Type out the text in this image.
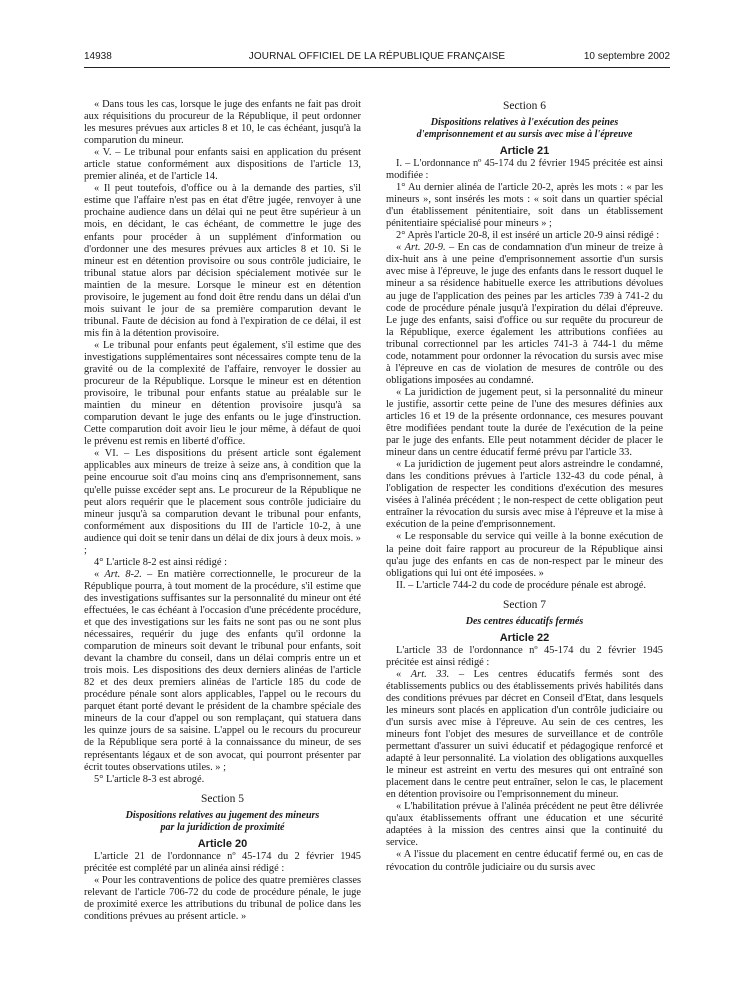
14938	JOURNAL OFFICIEL DE LA RÉPUBLIQUE FRANÇAISE	10 septembre 2002

« Dans tous les cas, lorsque le juge des enfants ne fait pas droit aux réquisitions du procureur de la République, il peut ordonner les mesures prévues aux articles 8 et 10, le cas échéant, jusqu'à la comparution du mineur.

« V. – Le tribunal pour enfants saisi en application du présent article statue conformément aux dispositions de l'article 13, premier alinéa, et de l'article 14.

« Il peut toutefois, d'office ou à la demande des parties, s'il estime que l'affaire n'est pas en état d'être jugée, renvoyer à une prochaine audience dans un délai qui ne peut être supérieur à un mois, en décidant, le cas échéant, de commettre le juge des enfants pour procéder à un supplément d'information ou d'ordonner une des mesures prévues aux articles 8 et 10. Si le mineur est en détention provisoire ou sous contrôle judiciaire, le tribunal statue alors par décision spécialement motivée sur le maintien de la mesure. Lorsque le mineur est en détention provisoire, le jugement au fond doit être rendu dans un délai d'un mois suivant le jour de sa première comparution devant le tribunal. Faute de décision au fond à l'expiration de ce délai, il est mis fin à la détention provisoire.

« Le tribunal pour enfants peut également, s'il estime que des investigations supplémentaires sont nécessaires compte tenu de la gravité ou de la complexité de l'affaire, renvoyer le dossier au procureur de la République. Lorsque le mineur est en détention provisoire, le tribunal pour enfants statue au préalable sur le maintien du mineur en détention provisoire jusqu'à sa comparution devant le juge des enfants ou le juge d'instruction. Cette comparution doit avoir lieu le jour même, à défaut de quoi le prévenu est remis en liberté d'office.

« VI. – Les dispositions du présent article sont également applicables aux mineurs de treize à seize ans, à condition que la peine encourue soit d'au moins cinq ans d'emprisonnement, sans qu'elle puisse excéder sept ans. Le procureur de la République ne peut alors requérir que le placement sous contrôle judiciaire du mineur jusqu'à sa comparution devant le tribunal pour enfants, conformément aux dispositions du III de l'article 10-2, à une audience qui doit se tenir dans un délai de dix jours à deux mois. » ;

4° L'article 8-2 est ainsi rédigé :

« Art. 8-2. – En matière correctionnelle, le procureur de la République pourra, à tout moment de la procédure, s'il estime que des investigations suffisantes sur la personnalité du mineur ont été effectuées, le cas échéant à l'occasion d'une précédente procédure, et que des investigations sur les faits ne sont pas ou ne sont plus nécessaires, requérir du juge des enfants qu'il ordonne la comparution de mineurs soit devant le tribunal pour enfants, soit devant la chambre du conseil, dans un délai compris entre un et trois mois. Les dispositions des deux derniers alinéas de l'article 82 et des deux premiers alinéas de l'article 185 du code de procédure pénale sont alors applicables, l'appel ou le recours du parquet étant porté devant le président de la chambre spéciale des mineurs de la cour d'appel ou son remplaçant, qui statuera dans les quinze jours de sa saisine. L'appel ou le recours du procureur de la République sera porté à la connaissance du mineur, de ses représentants légaux et de son avocat, qui pourront présenter par écrit toutes observations utiles. » ;

5° L'article 8-3 est abrogé.

Section 5
Dispositions relatives au jugement des mineurs
par la juridiction de proximité
Article 20

L'article 21 de l'ordonnance nº 45-174 du 2 février 1945 précitée est complété par un alinéa ainsi rédigé :

« Pour les contraventions de police des quatre premières classes relevant de l'article 706-72 du code de procédure pénale, le juge de proximité exerce les attributions du tribunal de police dans les conditions prévues au présent article. »

Section 6
Dispositions relatives à l'exécution des peines
d'emprisonnement et au sursis avec mise à l'épreuve
Article 21

I. – L'ordonnance nº 45-174 du 2 février 1945 précitée est ainsi modifiée :

1° Au dernier alinéa de l'article 20-2, après les mots : « par les mineurs », sont insérés les mots : « soit dans un quartier spécial d'un établissement pénitentiaire, soit dans un établissement pénitentiaire spécialisé pour mineurs » ;

2° Après l'article 20-8, il est inséré un article 20-9 ainsi rédigé :

« Art. 20-9. – En cas de condamnation d'un mineur de treize à dix-huit ans à une peine d'emprisonnement assortie d'un sursis avec mise à l'épreuve, le juge des enfants dans le ressort duquel le mineur a sa résidence habituelle exerce les attributions dévolues au juge de l'application des peines par les articles 739 à 741-2 du code de procédure pénale jusqu'à l'expiration du délai d'épreuve. Le juge des enfants, saisi d'office ou sur requête du procureur de la République, exerce également les attributions confiées au tribunal correctionnel par les articles 741-3 à 744-1 du même code, notamment pour ordonner la révocation du sursis avec mise à l'épreuve en cas de violation de mesures de contrôle ou des obligations imposées au condamné.

« La juridiction de jugement peut, si la personnalité du mineur le justifie, assortir cette peine de l'une des mesures définies aux articles 16 et 19 de la présente ordonnance, ces mesures pouvant être modifiées pendant toute la durée de l'exécution de la peine par le juge des enfants. Elle peut notamment décider de placer le mineur dans un centre éducatif fermé prévu par l'article 33.

« La juridiction de jugement peut alors astreindre le condamné, dans les conditions prévues à l'article 132-43 du code pénal, à l'obligation de respecter les conditions d'exécution des mesures visées à l'alinéa précédent ; le non-respect de cette obligation peut entraîner la révocation du sursis avec mise à l'épreuve et la mise à exécution de la peine d'emprisonnement.

« Le responsable du service qui veille à la bonne exécution de la peine doit faire rapport au procureur de la République ainsi qu'au juge des enfants en cas de non-respect par le mineur des obligations qui lui ont été imposées. »

II. – L'article 744-2 du code de procédure pénale est abrogé.

Section 7
Des centres éducatifs fermés
Article 22

L'article 33 de l'ordonnance nº 45-174 du 2 février 1945 précitée est ainsi rédigé :

« Art. 33. – Les centres éducatifs fermés sont des établissements publics ou des établissements privés habilités dans des conditions prévues par décret en Conseil d'Etat, dans lesquels les mineurs sont placés en application d'un contrôle judiciaire ou d'un sursis avec mise à l'épreuve. Au sein de ces centres, les mineurs font l'objet des mesures de surveillance et de contrôle permettant d'assurer un suivi éducatif et pédagogique renforcé et adapté à leur personnalité. La violation des obligations auxquelles le mineur est astreint en vertu des mesures qui ont entraîné son placement dans le centre peut entraîner, selon le cas, le placement en détention provisoire ou l'emprisonnement du mineur.

« L'habilitation prévue à l'alinéa précédent ne peut être délivrée qu'aux établissements offrant une éducation et une sécurité adaptées à la mission des centres ainsi que la continuité du service.

« A l'issue du placement en centre éducatif fermé ou, en cas de révocation du contrôle judiciaire ou du sursis avec
